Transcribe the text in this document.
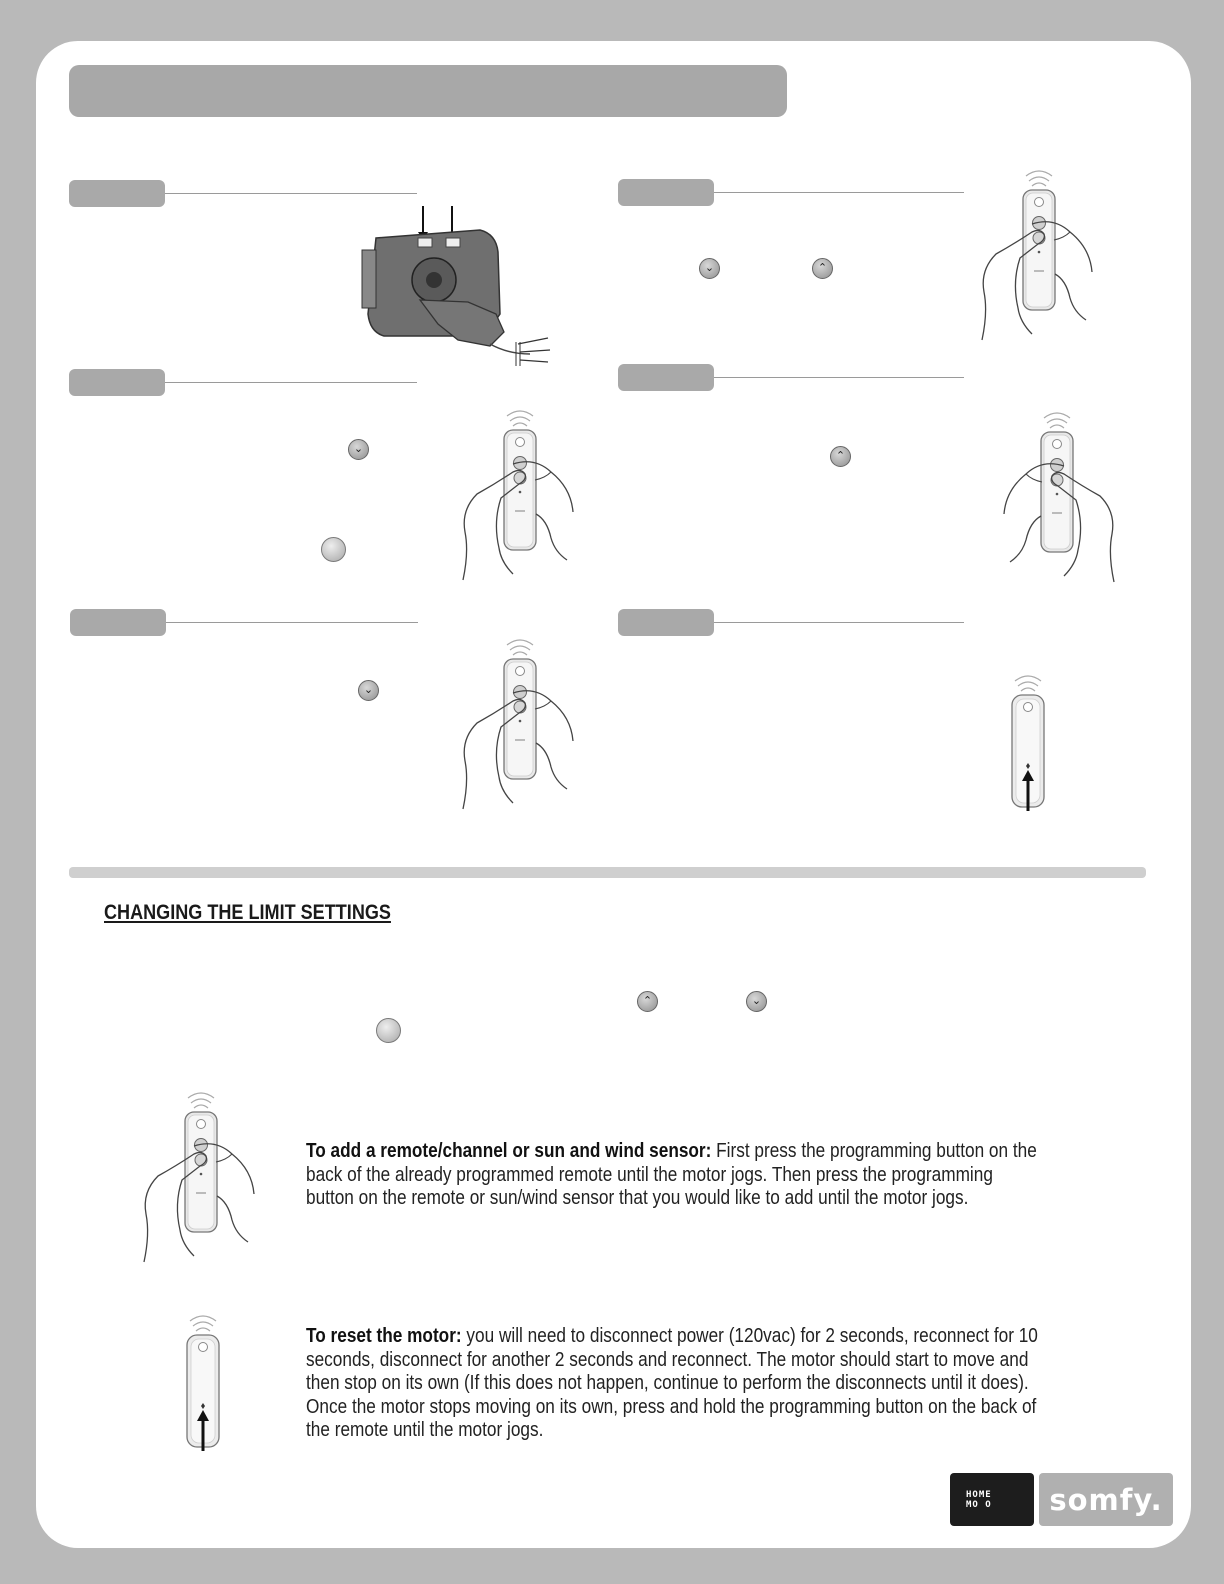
⌄	⌃
⌄
⌃
⌄
CHANGING THE LIMIT SETTINGS
⌃	⌄
To add a remote/channel or sun and wind sensor: First press the programming button on the back of the already programmed remote until the motor jogs. Then press the programming button on the remote or sun/wind sensor that you would like to add until the motor jogs.
To reset the motor: you will need to disconnect power (120vac) for 2 seconds, reconnect for 10 seconds, disconnect for another 2 seconds and reconnect. The motor should start to move and then stop on its own (If this does not happen, continue to perform the disconnects until it does). Once the motor stops moving on its own, press and hold the programming button on the back of the remote until the motor jogs.
HOME
MO O	somfy.
